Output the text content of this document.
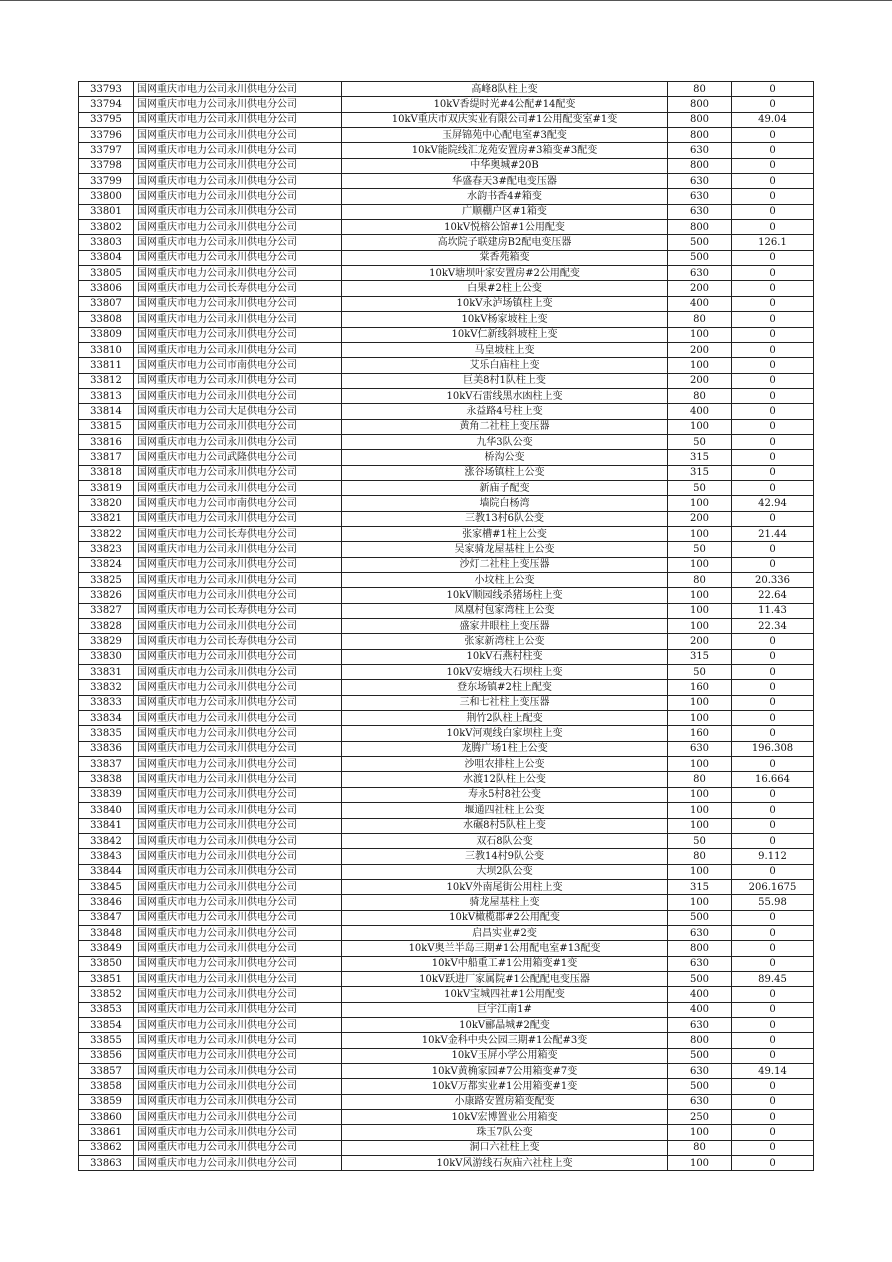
33793	国网重庆市电力公司永川供电分公司	高峰8队柱上变	80	0
33794	国网重庆市电力公司永川供电分公司	10kV香缇时光#4公配#14配变	800	0
33795	国网重庆市电力公司永川供电分公司	10kV重庆市双庆实业有限公司#1公用配变室#1变	800	49.04
33796	国网重庆市电力公司永川供电分公司	玉屏锦苑中心配电室#3配变	800	0
33797	国网重庆市电力公司永川供电分公司	10kV能院线汇龙苑安置房#3箱变#3配变	630	0
33798	国网重庆市电力公司永川供电分公司	中华奥城#20B	800	0
33799	国网重庆市电力公司永川供电分公司	华盛春天3#配电变压器	630	0
33800	国网重庆市电力公司永川供电分公司	水韵书香4#箱变	630	0
33801	国网重庆市电力公司永川供电分公司	广顺棚户区#1箱变	630	0
33802	国网重庆市电力公司永川供电分公司	10kV悦榕公馆#1公用配变	800	0
33803	国网重庆市电力公司永川供电分公司	高坎院子联建房B2配电变压器	500	126.1
33804	国网重庆市电力公司永川供电分公司	棠香苑箱变	500	0
33805	国网重庆市电力公司永川供电分公司	10kV塘坝叶家安置房#2公用配变	630	0
33806	国网重庆市电力公司长寿供电分公司	白果#2柱上公变	200	0
33807	国网重庆市电力公司永川供电分公司	10kV永泸场镇柱上变	400	0
33808	国网重庆市电力公司永川供电分公司	10kV杨家坡柱上变	80	0
33809	国网重庆市电力公司永川供电分公司	10kV仁新线斜坡柱上变	100	0
33810	国网重庆市电力公司永川供电分公司	马皇坡柱上变	200	0
33811	国网重庆市电力公司市南供电分公司	艾乐白庙柱上变	100	0
33812	国网重庆市电力公司永川供电分公司	巨美8村1队柱上变	200	0
33813	国网重庆市电力公司永川供电分公司	10kV石雷线黑水凼柱上变	80	0
33814	国网重庆市电力公司大足供电分公司	永益路4号柱上变	400	0
33815	国网重庆市电力公司永川供电分公司	黄角二社柱上变压器	100	0
33816	国网重庆市电力公司永川供电分公司	九华3队公变	50	0
33817	国网重庆市电力公司武隆供电分公司	桥沟公变	315	0
33818	国网重庆市电力公司永川供电分公司	涨谷场镇柱上公变	315	0
33819	国网重庆市电力公司永川供电分公司	新庙子配变	50	0
33820	国网重庆市电力公司市南供电分公司	墙院白杨湾	100	42.94
33821	国网重庆市电力公司永川供电分公司	三教13村6队公变	200	0
33822	国网重庆市电力公司长寿供电分公司	张家槽#1柱上公变	100	21.44
33823	国网重庆市电力公司永川供电分公司	吴家骑龙屋基柱上公变	50	0
33824	国网重庆市电力公司永川供电分公司	沙灯二社柱上变压器	100	0
33825	国网重庆市电力公司永川供电分公司	小坟柱上公变	80	20.336
33826	国网重庆市电力公司永川供电分公司	10kV顺园线杀猪场柱上变	100	22.64
33827	国网重庆市电力公司长寿供电分公司	凤凰村包家湾柱上公变	100	11.43
33828	国网重庆市电力公司永川供电分公司	盛家井眼柱上变压器	100	22.34
33829	国网重庆市电力公司长寿供电分公司	张家新湾柱上公变	200	0
33830	国网重庆市电力公司永川供电分公司	10kV石燕村柱变	315	0
33831	国网重庆市电力公司永川供电分公司	10kV安塘线大石坝柱上变	50	0
33832	国网重庆市电力公司永川供电分公司	登东场镇#2柱上配变	160	0
33833	国网重庆市电力公司永川供电分公司	三和七社柱上变压器	100	0
33834	国网重庆市电力公司永川供电分公司	荆竹2队柱上配变	100	0
33835	国网重庆市电力公司永川供电分公司	10kV河观线白家坝柱上变	160	0
33836	国网重庆市电力公司永川供电分公司	龙腾广场1柱上公变	630	196.308
33837	国网重庆市电力公司永川供电分公司	沙咀农排柱上公变	100	0
33838	国网重庆市电力公司永川供电分公司	水渡12队柱上公变	80	16.664
33839	国网重庆市电力公司永川供电分公司	寿永5村8社公变	100	0
33840	国网重庆市电力公司永川供电分公司	堰通四社柱上公变	100	0
33841	国网重庆市电力公司永川供电分公司	水碾8村5队柱上变	100	0
33842	国网重庆市电力公司永川供电分公司	双石8队公变	50	0
33843	国网重庆市电力公司永川供电分公司	三教14村9队公变	80	9.112
33844	国网重庆市电力公司永川供电分公司	大坝2队公变	100	0
33845	国网重庆市电力公司永川供电分公司	10kV外南尾街公用柱上变	315	206.1675
33846	国网重庆市电力公司永川供电分公司	骑龙屋基柱上变	100	55.98
33847	国网重庆市电力公司永川供电分公司	10kV橄榄郡#2公用配变	500	0
33848	国网重庆市电力公司永川供电分公司	启昌实业#2变	630	0
33849	国网重庆市电力公司永川供电分公司	10kV奥兰半岛三期#1公用配电室#13配变	800	0
33850	国网重庆市电力公司永川供电分公司	10kV中船重工#1公用箱变#1变	630	0
33851	国网重庆市电力公司永川供电分公司	10kV跃进厂家属院#1公配配电变压器	500	89.45
33852	国网重庆市电力公司永川供电分公司	10kV宝城四社#1公用配变	400	0
33853	国网重庆市电力公司永川供电分公司	巨宇江南1#	400	0
33854	国网重庆市电力公司永川供电分公司	10kV郦晶城#2配变	630	0
33855	国网重庆市电力公司永川供电分公司	10kV金科中央公园三期#1公配#3变	800	0
33856	国网重庆市电力公司永川供电分公司	10kV玉屏小学公用箱变	500	0
33857	国网重庆市电力公司永川供电分公司	10kV黄桷家园#7公用箱变#7变	630	49.14
33858	国网重庆市电力公司永川供电分公司	10kV万都实业#1公用箱变#1变	500	0
33859	国网重庆市电力公司永川供电分公司	小康路安置房箱变配变	630	0
33860	国网重庆市电力公司永川供电分公司	10kV宏博置业公用箱变	250	0
33861	国网重庆市电力公司永川供电分公司	珠玉7队公变	100	0
33862	国网重庆市电力公司永川供电分公司	洞口六社柱上变	80	0
33863	国网重庆市电力公司永川供电分公司	10kV风游线石灰庙六社柱上变	100	0
